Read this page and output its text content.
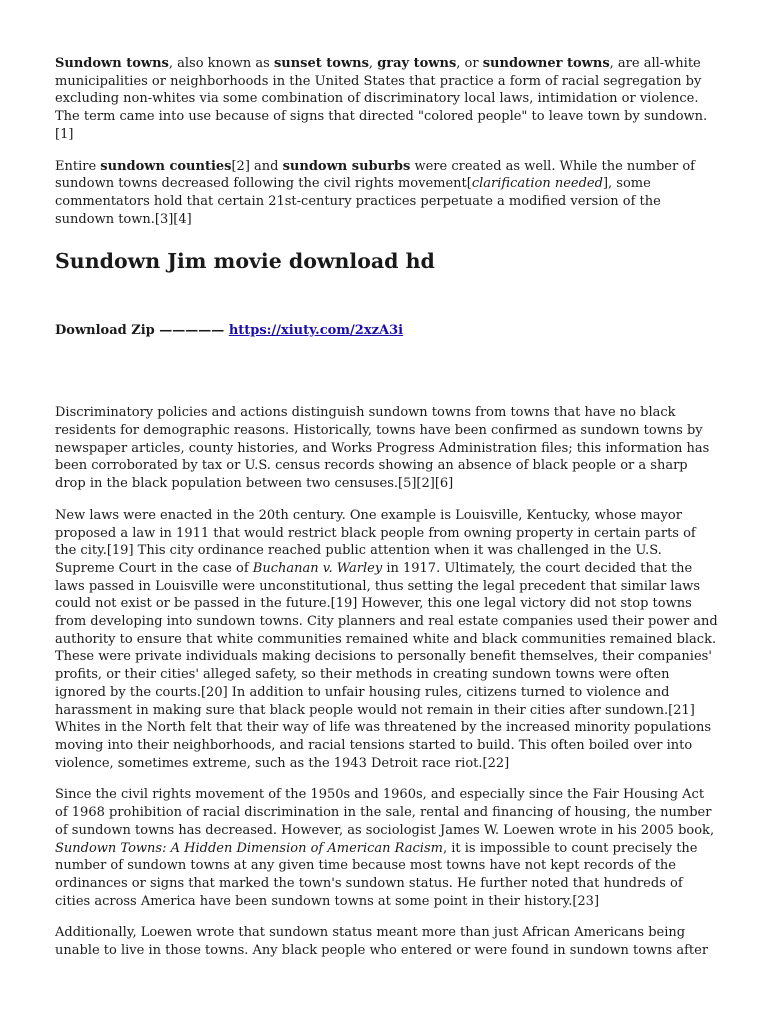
Sundown towns, also known as sunset towns, gray towns, or sundowner towns, are all-white municipalities or neighborhoods in the United States that practice a form of racial segregation by excluding non-whites via some combination of discriminatory local laws, intimidation or violence. The term came into use because of signs that directed "colored people" to leave town by sundown.[1]

Entire sundown counties[2] and sundown suburbs were created as well. While the number of sundown towns decreased following the civil rights movement[clarification needed], some commentators hold that certain 21st-century practices perpetuate a modified version of the sundown town.[3][4]

Sundown Jim movie download hd
Download Zip ————— https://xiuty.com/2xzA3i

Discriminatory policies and actions distinguish sundown towns from towns that have no black residents for demographic reasons. Historically, towns have been confirmed as sundown towns by newspaper articles, county histories, and Works Progress Administration files; this information has been corroborated by tax or U.S. census records showing an absence of black people or a sharp drop in the black population between two censuses.[5][2][6]

New laws were enacted in the 20th century. One example is Louisville, Kentucky, whose mayor proposed a law in 1911 that would restrict black people from owning property in certain parts of the city.[19] This city ordinance reached public attention when it was challenged in the U.S. Supreme Court in the case of Buchanan v. Warley in 1917. Ultimately, the court decided that the laws passed in Louisville were unconstitutional, thus setting the legal precedent that similar laws could not exist or be passed in the future.[19] However, this one legal victory did not stop towns from developing into sundown towns. City planners and real estate companies used their power and authority to ensure that white communities remained white and black communities remained black. These were private individuals making decisions to personally benefit themselves, their companies' profits, or their cities' alleged safety, so their methods in creating sundown towns were often ignored by the courts.[20] In addition to unfair housing rules, citizens turned to violence and harassment in making sure that black people would not remain in their cities after sundown.[21] Whites in the North felt that their way of life was threatened by the increased minority populations moving into their neighborhoods, and racial tensions started to build. This often boiled over into violence, sometimes extreme, such as the 1943 Detroit race riot.[22]

Since the civil rights movement of the 1950s and 1960s, and especially since the Fair Housing Act of 1968 prohibition of racial discrimination in the sale, rental and financing of housing, the number of sundown towns has decreased. However, as sociologist James W. Loewen wrote in his 2005 book, Sundown Towns: A Hidden Dimension of American Racism, it is impossible to count precisely the number of sundown towns at any given time because most towns have not kept records of the ordinances or signs that marked the town's sundown status. He further noted that hundreds of cities across America have been sundown towns at some point in their history.[23]

Additionally, Loewen wrote that sundown status meant more than just African Americans being unable to live in those towns. Any black people who entered or were found in sundown towns after
